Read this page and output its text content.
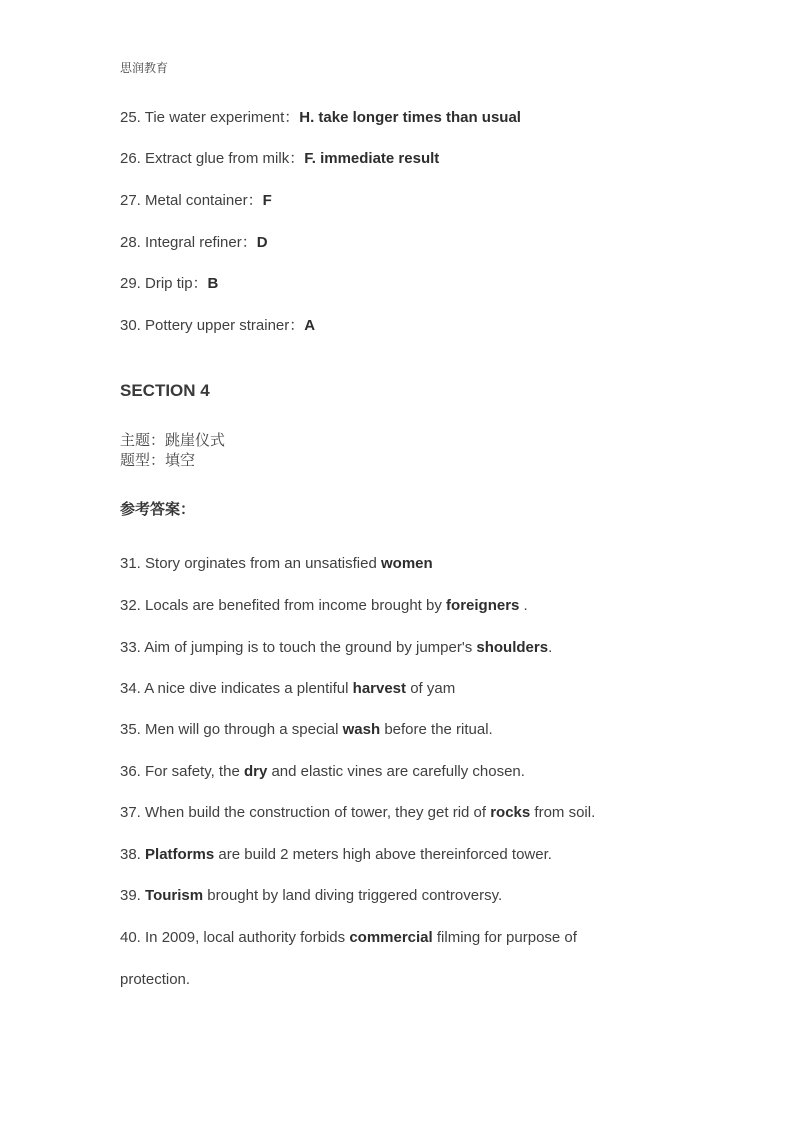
思润教育
25. Tie water experiment：H. take longer times than usual
26. Extract glue from milk：F. immediate result
27. Metal container：F
28. Integral refiner：D
29. Drip tip：B
30. Pottery upper strainer：A
SECTION 4
主题：跳崖仪式
题型：填空
参考答案：
31. Story orginates from an unsatisfied women
32. Locals are benefited from income brought by foreigners .
33. Aim of jumping is to touch the ground by jumper's shoulders.
34. A nice dive indicates a plentiful harvest of yam
35. Men will go through a special wash before the ritual.
36. For safety, the dry and elastic vines are carefully chosen.
37. When build the construction of tower, they get rid of rocks from soil.
38. Platforms are build 2 meters high above thereinforced tower.
39. Tourism brought by land diving triggered controversy.
40. In 2009, local authority forbids commercial filming for purpose of
protection.
